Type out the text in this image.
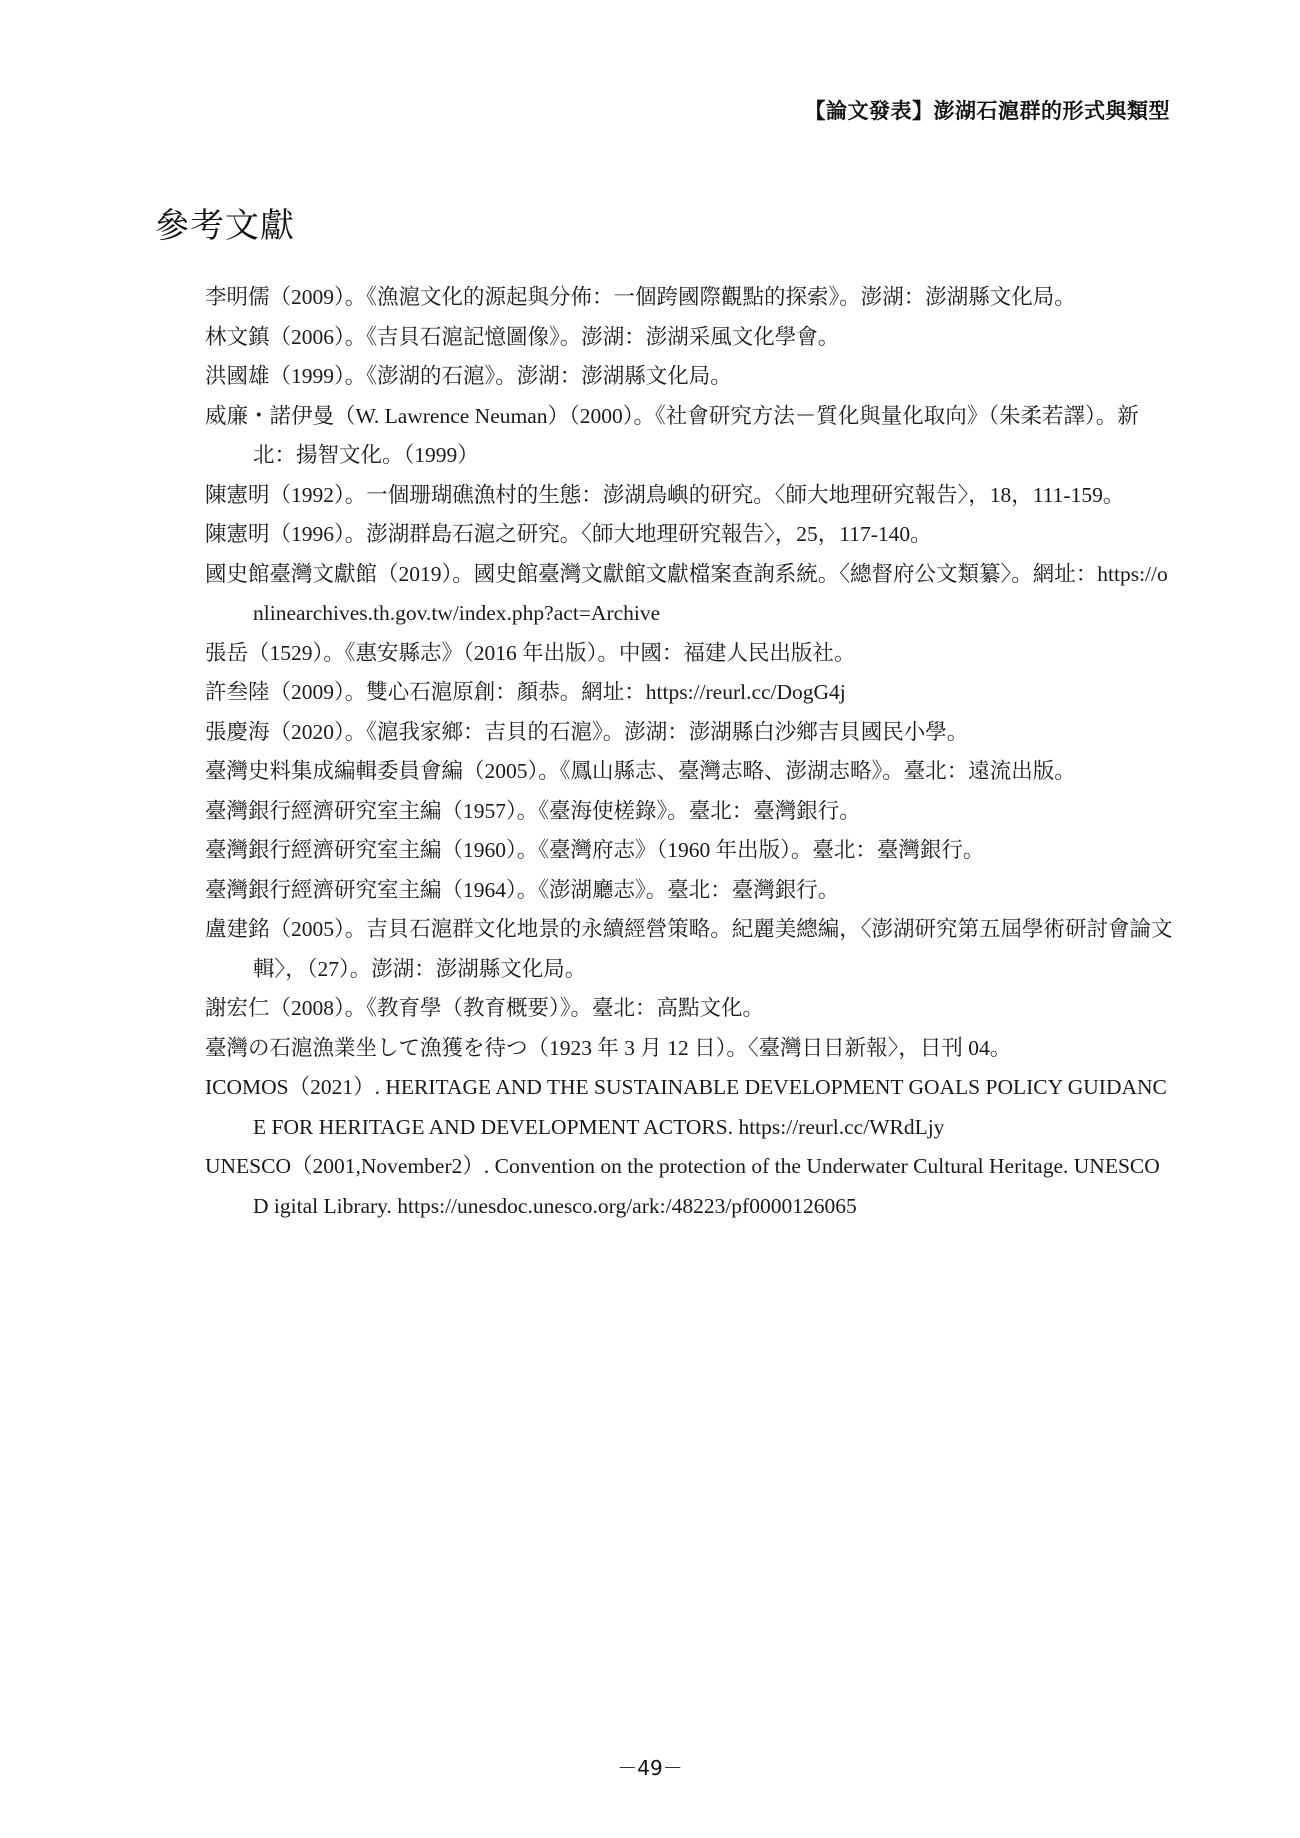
【論文發表】澎湖石滬群的形式與類型
參考文獻
李明儒（2009）。《漁滬文化的源起與分佈：一個跨國際觀點的探索》。澎湖：澎湖縣文化局。
林文鎮（2006）。《吉貝石滬記憶圖像》。澎湖：澎湖采風文化學會。
洪國雄（1999）。《澎湖的石滬》。澎湖：澎湖縣文化局。
威廉・諾伊曼（W. Lawrence Neuman）（2000）。《社會研究方法－質化與量化取向》（朱柔若譯）。新北：揚智文化。（1999）
陳憲明（1992）。一個珊瑚礁漁村的生態：澎湖鳥嶼的研究。〈師大地理研究報告〉，18，111-159。
陳憲明（1996）。澎湖群島石滬之研究。〈師大地理研究報告〉，25，117-140。
國史館臺灣文獻館（2019）。國史館臺灣文獻館文獻檔案查詢系統。〈總督府公文類纂〉。網址：https://onlinearchives.th.gov.tw/index.php?act=Archive
張岳（1529）。《惠安縣志》（2016 年出版）。中國：福建人民出版社。
許叁陸（2009）。雙心石滬原創：顏恭。網址：https://reurl.cc/DogG4j
張慶海（2020）。《滬我家鄉：吉貝的石滬》。澎湖：澎湖縣白沙鄉吉貝國民小學。
臺灣史料集成編輯委員會編（2005）。《鳳山縣志、臺灣志略、澎湖志略》。臺北：遠流出版。
臺灣銀行經濟研究室主編（1957）。《臺海使槎錄》。臺北：臺灣銀行。
臺灣銀行經濟研究室主編（1960）。《臺灣府志》（1960 年出版）。臺北：臺灣銀行。
臺灣銀行經濟研究室主編（1964）。《澎湖廳志》。臺北：臺灣銀行。
盧建銘（2005）。吉貝石滬群文化地景的永續經營策略。紀麗美總編，〈澎湖研究第五屆學術研討會論文輯〉，（27）。澎湖：澎湖縣文化局。
謝宏仁（2008）。《教育學（教育概要）》。臺北：高點文化。
臺灣の石滬漁業坐して漁獲を待つ（1923 年 3 月 12 日）。〈臺灣日日新報〉，日刊 04。
ICOMOS（2021）. HERITAGE AND THE SUSTAINABLE DEVELOPMENT GOALS POLICY GUIDANCE FOR HERITAGE AND DEVELOPMENT ACTORS. https://reurl.cc/WRdLjy
UNESCO（2001,November2）. Convention on the protection of the Underwater Cultural Heritage. UNESCOD igital Library. https://unesdoc.unesco.org/ark:/48223/pf0000126065
－49－
